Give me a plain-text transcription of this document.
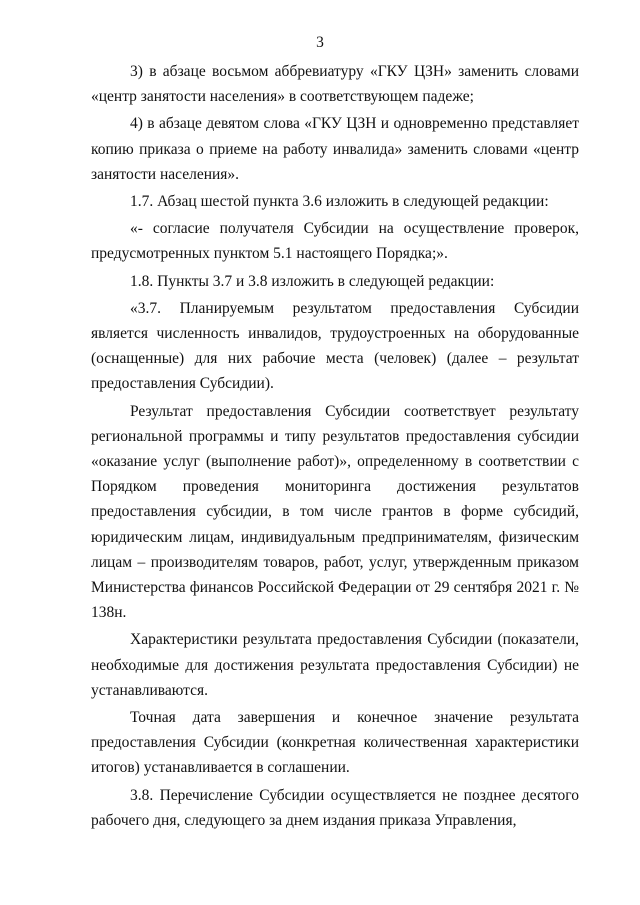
3

3) в абзаце восьмом аббревиатуру «ГКУ ЦЗН» заменить словами «центр занятости населения» в соответствующем падеже;

4) в абзаце девятом слова «ГКУ ЦЗН и одновременно представляет копию приказа о приеме на работу инвалида» заменить словами «центр занятости населения».

1.7. Абзац шестой пункта 3.6 изложить в следующей редакции:

«- согласие получателя Субсидии на осуществление проверок, предусмотренных пунктом 5.1 настоящего Порядка;».

1.8. Пункты 3.7 и 3.8 изложить в следующей редакции:

«3.7. Планируемым результатом предоставления Субсидии является численность инвалидов, трудоустроенных на оборудованные (оснащенные) для них рабочие места (человек) (далее – результат предоставления Субсидии).

Результат предоставления Субсидии соответствует результату региональной программы и типу результатов предоставления субсидии «оказание услуг (выполнение работ)», определенному в соответствии с Порядком проведения мониторинга достижения результатов предоставления субсидии, в том числе грантов в форме субсидий, юридическим лицам, индивидуальным предпринимателям, физическим лицам – производителям товаров, работ, услуг, утвержденным приказом Министерства финансов Российской Федерации от 29 сентября 2021 г. № 138н.

Характеристики результата предоставления Субсидии (показатели, необходимые для достижения результата предоставления Субсидии) не устанавливаются.

Точная дата завершения и конечное значение результата предоставления Субсидии (конкретная количественная характеристики итогов) устанавливается в соглашении.

3.8. Перечисление Субсидии осуществляется не позднее десятого рабочего дня, следующего за днем издания приказа Управления,
